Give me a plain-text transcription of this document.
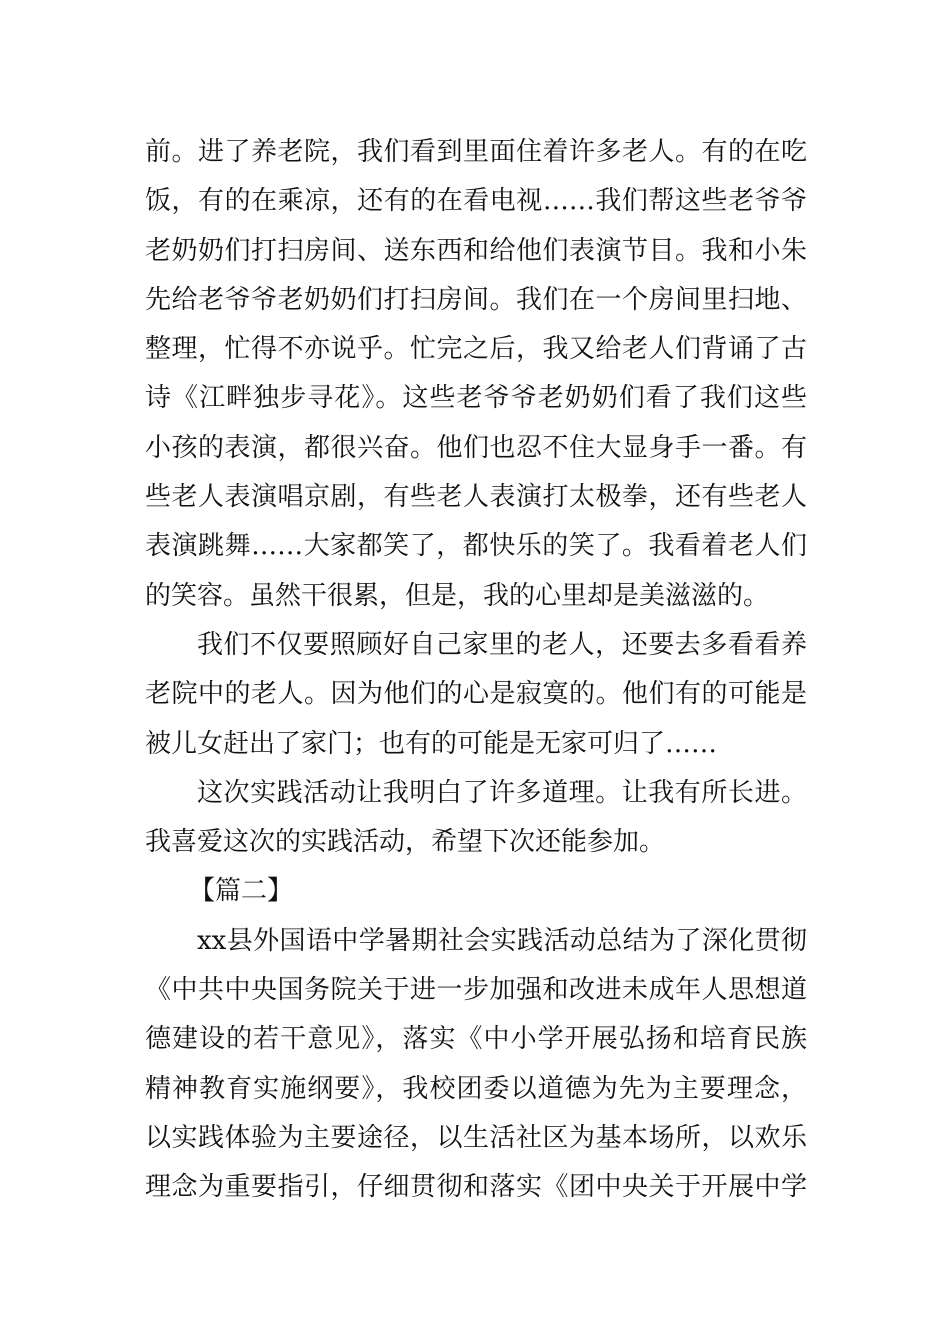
前。进了养老院，我们看到里面住着许多老人。有的在吃
饭，有的在乘凉，还有的在看电视……我们帮这些老爷爷
老奶奶们打扫房间、送东西和给他们表演节目。我和小朱
先给老爷爷老奶奶们打扫房间。我们在一个房间里扫地、
整理，忙得不亦说乎。忙完之后，我又给老人们背诵了古
诗《江畔独步寻花》。这些老爷爷老奶奶们看了我们这些
小孩的表演，都很兴奋。他们也忍不住大显身手一番。有
些老人表演唱京剧，有些老人表演打太极拳，还有些老人
表演跳舞……大家都笑了，都快乐的笑了。我看着老人们
的笑容。虽然干很累，但是，我的心里却是美滋滋的。
我们不仅要照顾好自己家里的老人，还要去多看看养
老院中的老人。因为他们的心是寂寞的。他们有的可能是
被儿女赶出了家门；也有的可能是无家可归了……
这次实践活动让我明白了许多道理。让我有所长进。
我喜爱这次的实践活动，希望下次还能参加。
【篇二】
xx县外国语中学暑期社会实践活动总结为了深化贯彻
《中共中央国务院关于进一步加强和改进未成年人思想道
德建设的若干意见》，落实《中小学开展弘扬和培育民族
精神教育实施纲要》，我校团委以道德为先为主要理念，
以实践体验为主要途径，以生活社区为基本场所，以欢乐
理念为重要指引，仔细贯彻和落实《团中央关于开展中学
